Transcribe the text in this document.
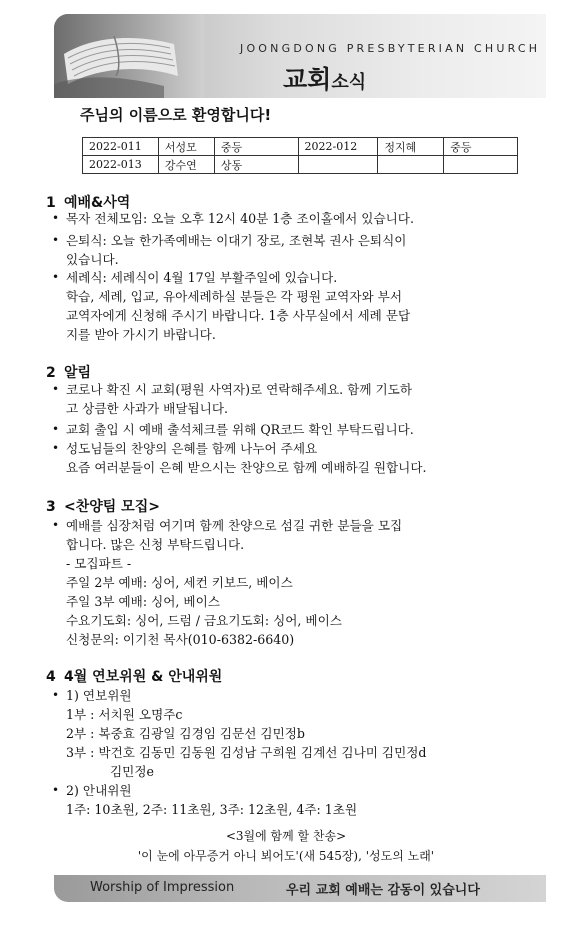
JOONGDONG PRESBYTERIAN CHURCH
교회소식
주님의 이름으로 환영합니다!
2022-011	서성모	중등	2022-012	정지혜	중등
2022-013	강수연	상동			
1 예배&사역
• 목자 전체모임: 오늘 오후 12시 40분 1층 조이홀에서 있습니다.
• 은퇴식: 오늘 한가족예배는 이대기 장로, 조현복 권사 은퇴식이
있습니다.
• 세례식: 세례식이 4월 17일 부활주일에 있습니다.
학습, 세례, 입교, 유아세례하실 분들은 각 평원 교역자와 부서
교역자에게 신청해 주시기 바랍니다. 1층 사무실에서 세례 문답
지를 받아 가시기 바랍니다.
2 알림
• 코로나 확진 시 교회(평원 사역자)로 연락해주세요. 함께 기도하
고 상큼한 사과가 배달됩니다.
• 교회 출입 시 예배 출석체크를 위해 QR코드 확인 부탁드립니다.
• 성도님들의 찬양의 은혜를 함께 나누어 주세요
요즘 여러분들이 은혜 받으시는 찬양으로 함께 예배하길 원합니다.
3 <찬양팀 모집>
• 예배를 심장처럼 여기며 함께 찬양으로 섬길 귀한 분들을 모집
합니다. 많은 신청 부탁드립니다.
- 모집파트 -
주일 2부 예배: 싱어, 세컨 키보드, 베이스
주일 3부 예배: 싱어, 베이스
수요기도회: 싱어, 드럼 / 금요기도회: 싱어, 베이스
신청문의: 이기천 목사(010-6382-6640)
4 4월 연보위원 & 안내위원
• 1) 연보위원
1부 : 서치원 오명주c
2부 : 복중효 김광일 김경임 김문선 김민정b
3부 : 박건호 김동민 김동원 김성남 구희원 김계선 김나미 김민정d
김민정e
• 2) 안내위원
1주: 10초원, 2주: 11초원, 3주: 12초원, 4주: 1초원
<3월에 함께 할 찬송>
'이 눈에 아무증거 아니 뵈어도'(새 545장), '성도의 노래'
Worship of Impression	우리 교회 예배는 감동이 있습니다
